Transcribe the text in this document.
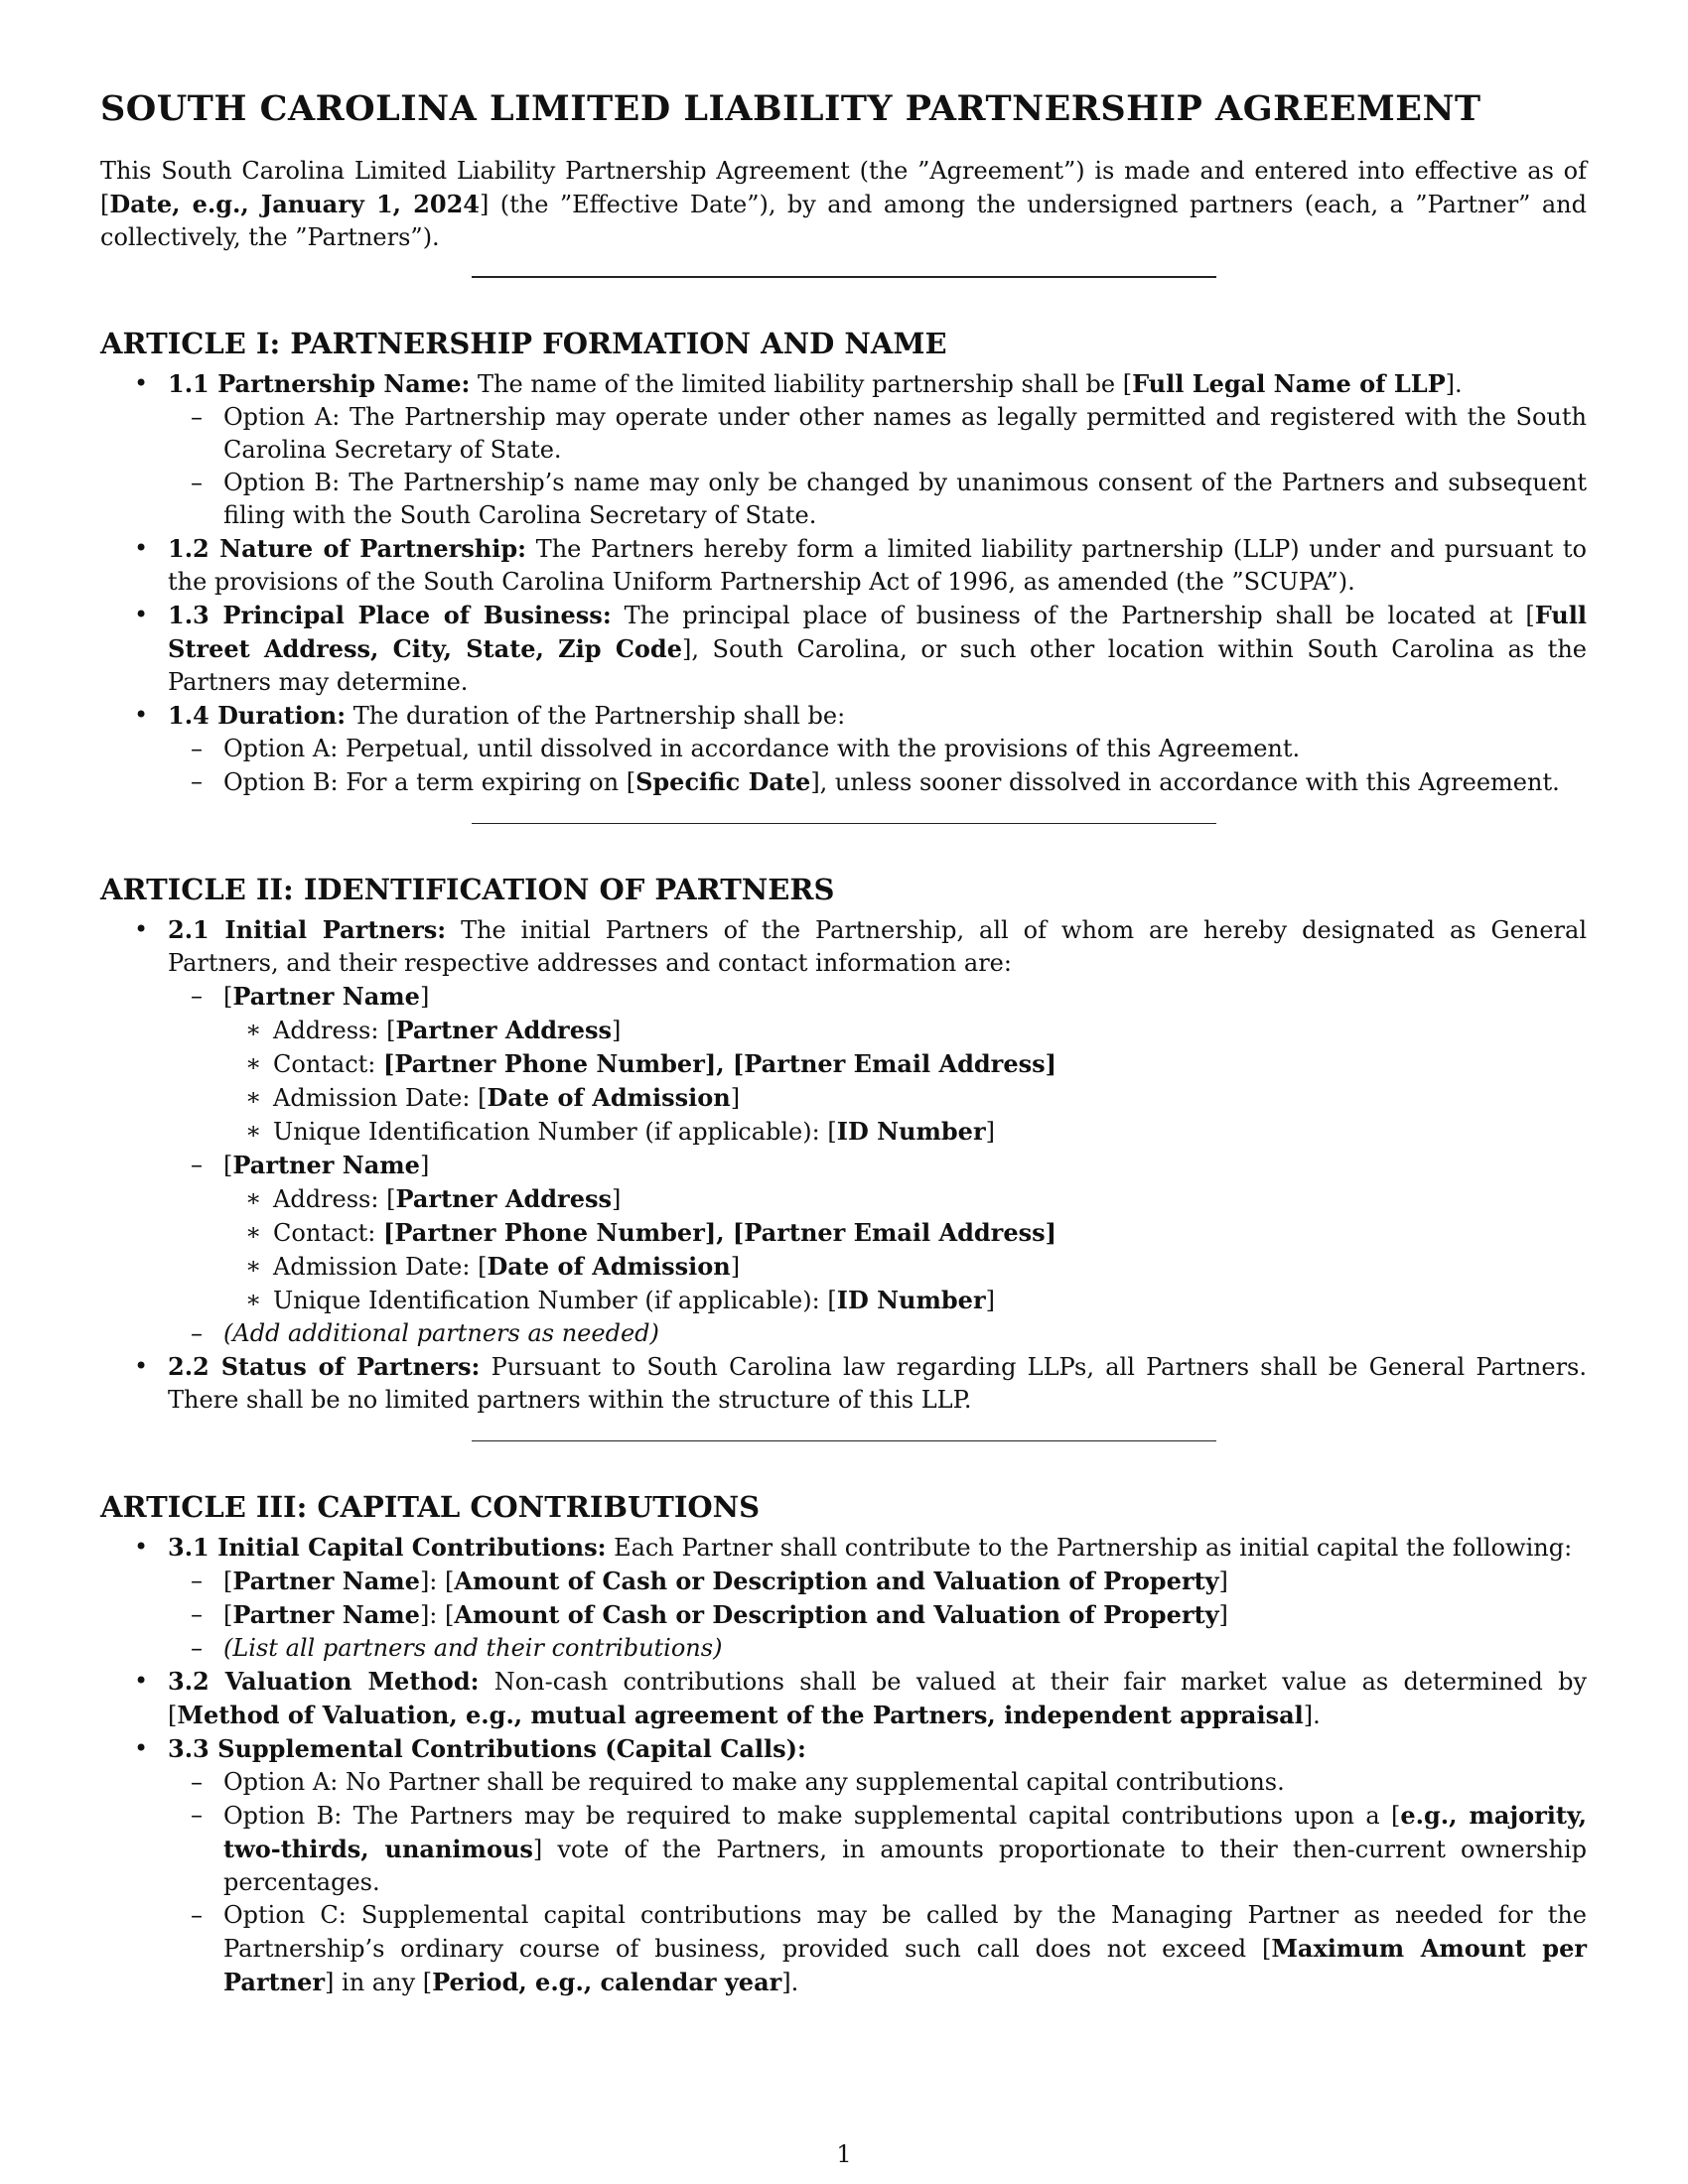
SOUTH CAROLINA LIMITED LIABILITY PARTNERSHIP AGREEMENT

This South Carolina Limited Liability Partnership Agreement (the ”Agreement”) is made and entered into effective as of [Date, e.g., January 1, 2024] (the ”Effective Date”), by and among the undersigned partners (each, a ”Partner” and collectively, the ”Partners”).

ARTICLE I: PARTNERSHIP FORMATION AND NAME
• 1.1 Partnership Name: The name of the limited liability partnership shall be [Full Legal Name of LLP].
– Option A: The Partnership may operate under other names as legally permitted and registered with the South Carolina Secretary of State.
– Option B: The Partnership’s name may only be changed by unanimous consent of the Partners and subsequent filing with the South Carolina Secretary of State.
• 1.2 Nature of Partnership: The Partners hereby form a limited liability partnership (LLP) under and pursuant to the provisions of the South Carolina Uniform Partnership Act of 1996, as amended (the ”SCUPA”).
• 1.3 Principal Place of Business: The principal place of business of the Partnership shall be located at [Full Street Address, City, State, Zip Code], South Carolina, or such other location within South Carolina as the Partners may determine.
• 1.4 Duration: The duration of the Partnership shall be:
– Option A: Perpetual, until dissolved in accordance with the provisions of this Agreement.
– Option B: For a term expiring on [Specific Date], unless sooner dissolved in accordance with this Agreement.
ARTICLE II: IDENTIFICATION OF PARTNERS
• 2.1 Initial Partners: The initial Partners of the Partnership, all of whom are hereby designated as General Partners, and their respective addresses and contact information are:
– [Partner Name]
∗ Address: [Partner Address]
∗ Contact: [Partner Phone Number], [Partner Email Address]
∗ Admission Date: [Date of Admission]
∗ Unique Identification Number (if applicable): [ID Number]
– [Partner Name]
∗ Address: [Partner Address]
∗ Contact: [Partner Phone Number], [Partner Email Address]
∗ Admission Date: [Date of Admission]
∗ Unique Identification Number (if applicable): [ID Number]
– (Add additional partners as needed)
• 2.2 Status of Partners: Pursuant to South Carolina law regarding LLPs, all Partners shall be General Partners. There shall be no limited partners within the structure of this LLP.
ARTICLE III: CAPITAL CONTRIBUTIONS
• 3.1 Initial Capital Contributions: Each Partner shall contribute to the Partnership as initial capital the following:
– [Partner Name]: [Amount of Cash or Description and Valuation of Property]
– [Partner Name]: [Amount of Cash or Description and Valuation of Property]
– (List all partners and their contributions)
• 3.2 Valuation Method: Non-cash contributions shall be valued at their fair market value as determined by [Method of Valuation, e.g., mutual agreement of the Partners, independent appraisal].
• 3.3 Supplemental Contributions (Capital Calls):
– Option A: No Partner shall be required to make any supplemental capital contributions.
– Option B: The Partners may be required to make supplemental capital contributions upon a [e.g., majority, two-thirds, unanimous] vote of the Partners, in amounts proportionate to their then-current ownership percentages.
– Option C: Supplemental capital contributions may be called by the Managing Partner as needed for the Partnership’s ordinary course of business, provided such call does not exceed [Maximum Amount per Partner] in any [Period, e.g., calendar year].
1
